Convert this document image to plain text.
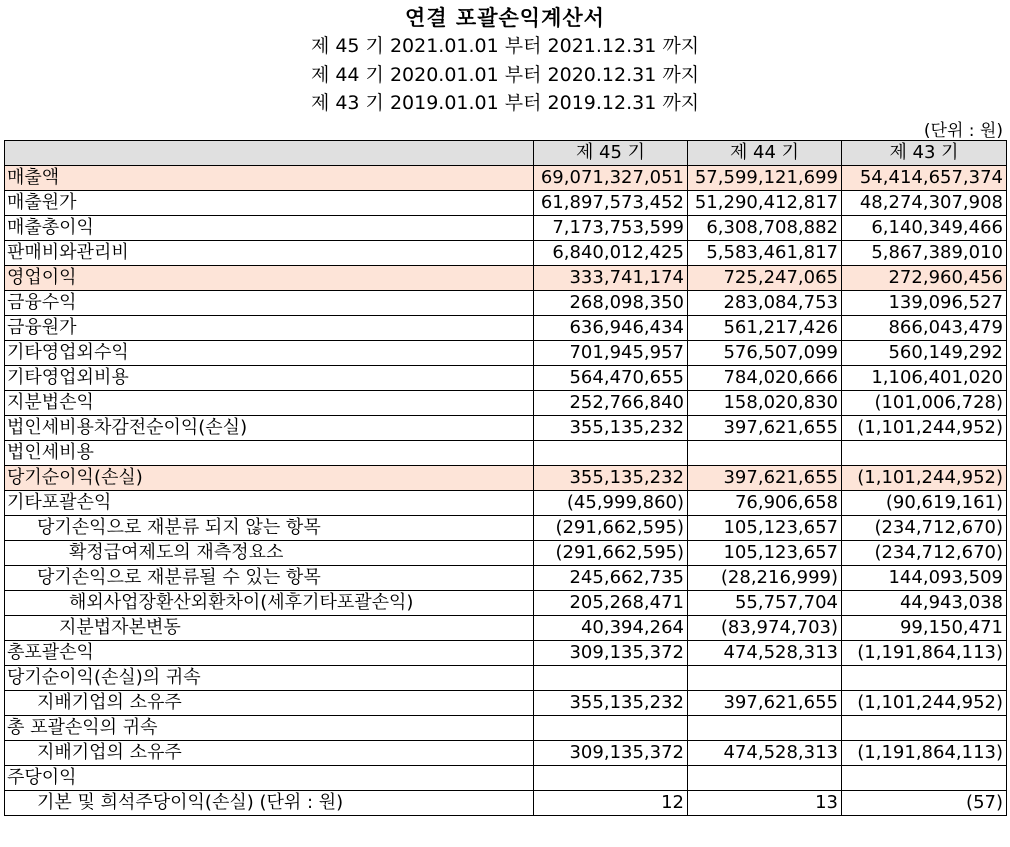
연결 포괄손익계산서
제 45 기 2021.01.01 부터 2021.12.31 까지
제 44 기 2020.01.01 부터 2020.12.31 까지
제 43 기 2019.01.01 부터 2019.12.31 까지
(단위 : 원)
	제 45 기	제 44 기	제 43 기
매출액	69,071,327,051	57,599,121,699	54,414,657,374
매출원가	61,897,573,452	51,290,412,817	48,274,307,908
매출총이익	7,173,753,599	6,308,708,882	6,140,349,466
판매비와관리비	6,840,012,425	5,583,461,817	5,867,389,010
영업이익	333,741,174	725,247,065	272,960,456
금융수익	268,098,350	283,084,753	139,096,527
금융원가	636,946,434	561,217,426	866,043,479
기타영업외수익	701,945,957	576,507,099	560,149,292
기타영업외비용	564,470,655	784,020,666	1,106,401,020
지분법손익	252,766,840	158,020,830	(101,006,728)
법인세비용차감전순이익(손실)	355,135,232	397,621,655	(1,101,244,952)
법인세비용			
당기순이익(손실)	355,135,232	397,621,655	(1,101,244,952)
기타포괄손익	(45,999,860)	76,906,658	(90,619,161)
당기손익으로 재분류 되지 않는 항목	(291,662,595)	105,123,657	(234,712,670)
확정급여제도의 재측정요소	(291,662,595)	105,123,657	(234,712,670)
당기손익으로 재분류될 수 있는 항목	245,662,735	(28,216,999)	144,093,509
해외사업장환산외환차이(세후기타포괄손익)	205,268,471	55,757,704	44,943,038
지분법자본변동	40,394,264	(83,974,703)	99,150,471
총포괄손익	309,135,372	474,528,313	(1,191,864,113)
당기순이익(손실)의 귀속			
지배기업의 소유주	355,135,232	397,621,655	(1,101,244,952)
총 포괄손익의 귀속			
지배기업의 소유주	309,135,372	474,528,313	(1,191,864,113)
주당이익			
기본 및 희석주당이익(손실) (단위 : 원)	12	13	(57)
